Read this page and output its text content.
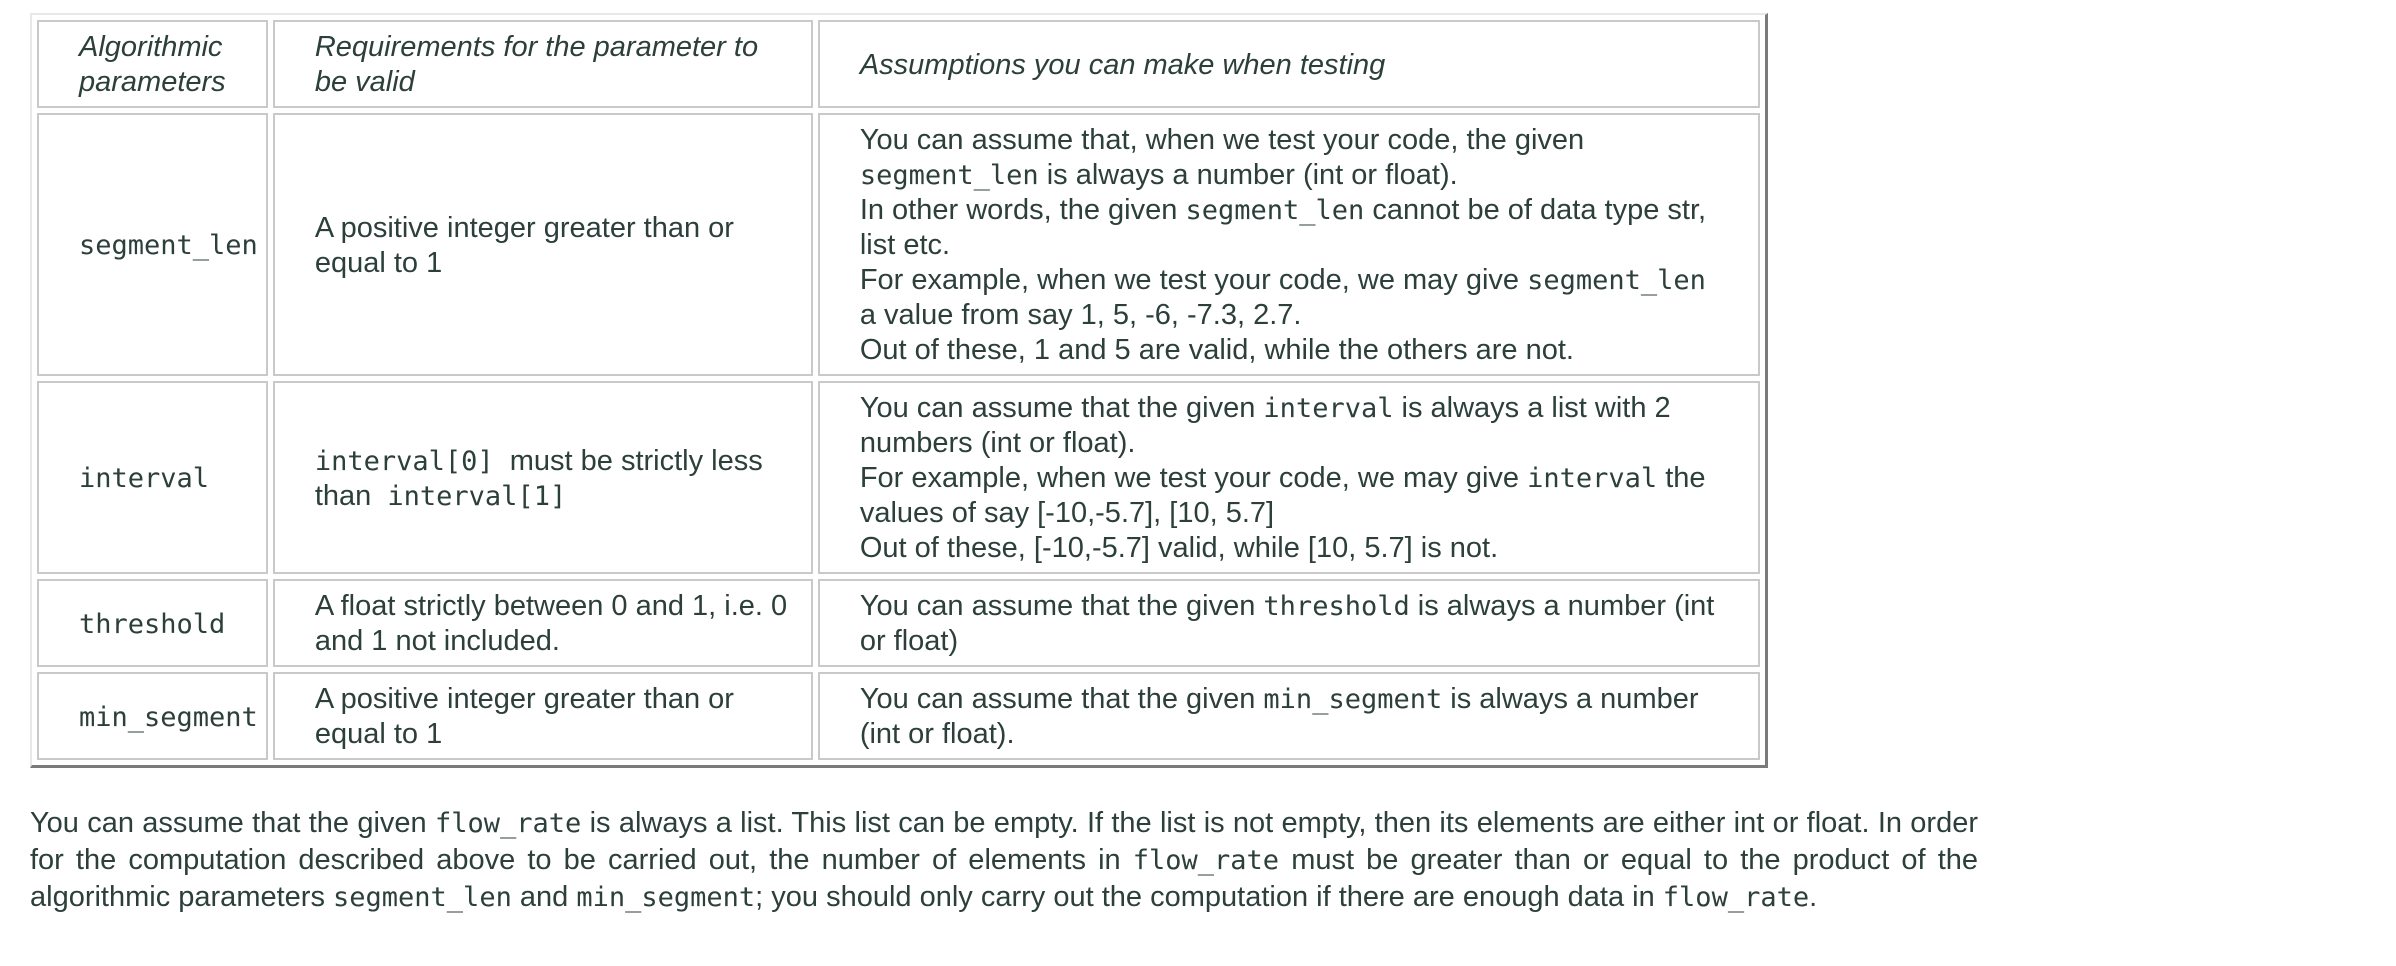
Algorithmic parameters	Requirements for the parameter to be valid	Assumptions you can make when testing
segment_len	A positive integer greater than or equal to 1	You can assume that, when we test your code, the given segment_len is always a number (int or float).
In other words, the given segment_len cannot be of data type str, list etc.
For example, when we test your code, we may give segment_len a value from say 1, 5, -6, -7.3, 2.7.
Out of these, 1 and 5 are valid, while the others are not.
interval	interval[0] must be strictly less than interval[1]	You can assume that the given interval is always a list with 2 numbers (int or float).
For example, when we test your code, we may give interval the values of say [-10,-5.7], [10, 5.7]
Out of these, [-10,-5.7] valid, while [10, 5.7] is not.
threshold	A float strictly between 0 and 1, i.e. 0 and 1 not included.	You can assume that the given threshold is always a number (int or float)
min_segment	A positive integer greater than or equal to 1	You can assume that the given min_segment is always a number (int or float).

You can assume that the given flow_rate is always a list. This list can be empty. If the list is not empty, then its elements are either int or float. In order for the computation described above to be carried out, the number of elements in flow_rate must be greater than or equal to the product of the algorithmic parameters segment_len and min_segment; you should only carry out the computation if there are enough data in flow_rate.
